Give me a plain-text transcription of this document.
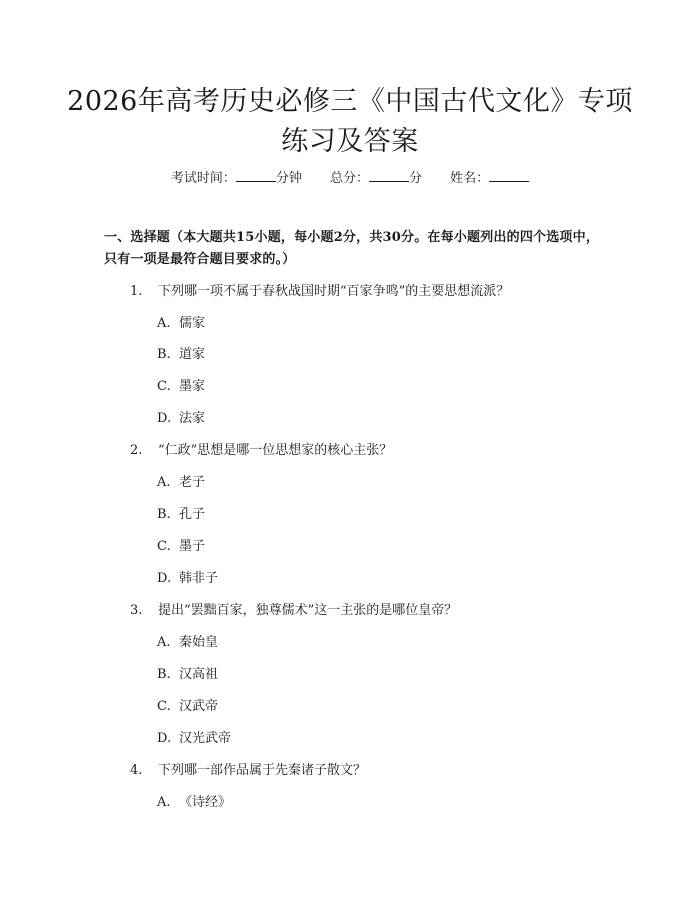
2026年高考历史必修三《中国古代文化》专项练习及答案
考试时间：	分钟 总分：	分 姓名：
一、选择题（本大题共15小题，每小题2分，共30分。在每小题列出的四个选项中，只有一项是最符合题目要求的。）
1. 下列哪一项不属于春秋战国时期“百家争鸣”的主要思想流派？
A. 儒家
B. 道家
C. 墨家
D. 法家
2. “仁政”思想是哪一位思想家的核心主张？
A. 老子
B. 孔子
C. 墨子
D. 韩非子
3. 提出“罢黜百家，独尊儒术”这一主张的是哪位皇帝？
A. 秦始皇
B. 汉高祖
C. 汉武帝
D. 汉光武帝
4. 下列哪一部作品属于先秦诸子散文？
A. 《诗经》
